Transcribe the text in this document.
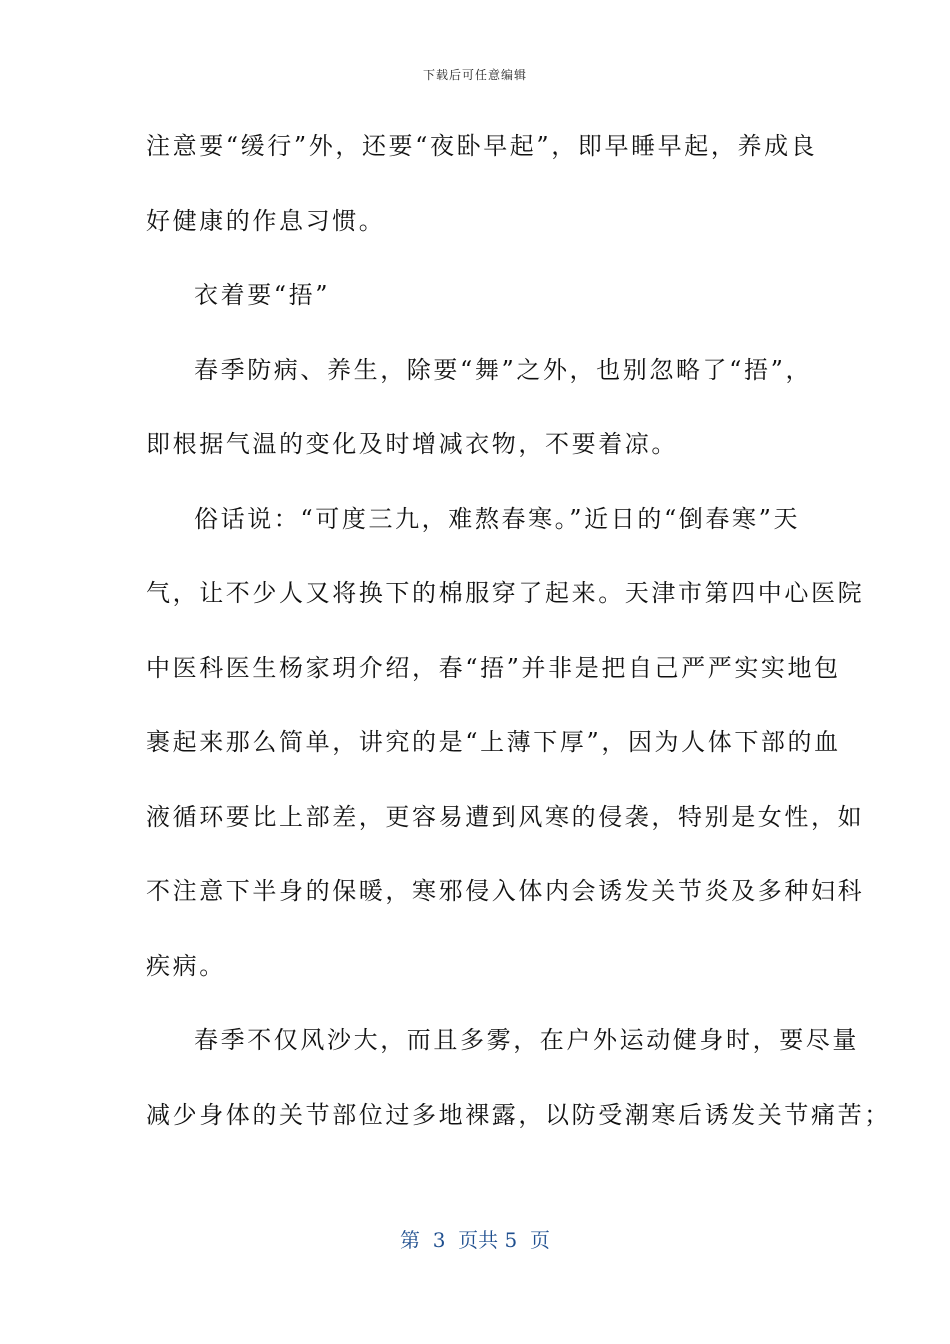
下载后可任意编辑
注意要“缓行”外，还要“夜卧早起”，即早睡早起，养成良
好健康的作息习惯。
衣着要“捂”
春季防病、养生，除要“舞”之外，也别忽略了“捂”，
即根据气温的变化及时增减衣物，不要着凉。
俗话说：“可度三九，难熬春寒。”近日的“倒春寒”天
气，让不少人又将换下的棉服穿了起来。天津市第四中心医院
中医科医生杨家玥介绍，春“捂”并非是把自己严严实实地包
裹起来那么简单，讲究的是“上薄下厚”，因为人体下部的血
液循环要比上部差，更容易遭到风寒的侵袭，特别是女性，如
不注意下半身的保暖，寒邪侵入体内会诱发关节炎及多种妇科
疾病。
春季不仅风沙大，而且多雾，在户外运动健身时，要尽量
减少身体的关节部位过多地裸露，以防受潮寒后诱发关节痛苦；
第  3  页共 5  页
